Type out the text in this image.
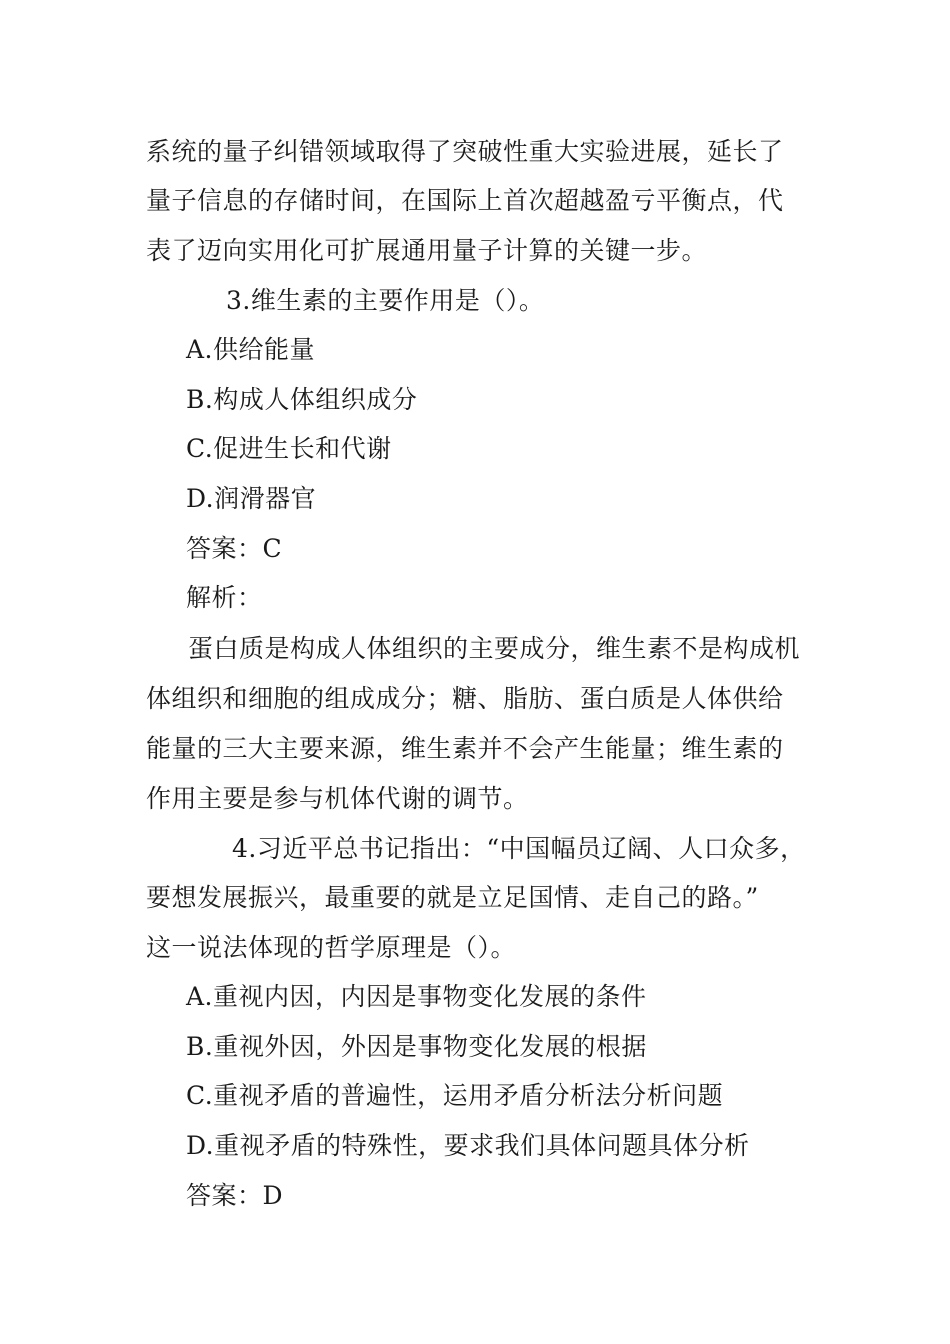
系统的量子纠错领域取得了突破性重大实验进展，延长了
量子信息的存储时间，在国际上首次超越盈亏平衡点，代
表了迈向实用化可扩展通用量子计算的关键一步。
3.维生素的主要作用是（）。
A.供给能量
B.构成人体组织成分
C.促进生长和代谢
D.润滑器官
答案：C
解析：
蛋白质是构成人体组织的主要成分，维生素不是构成机
体组织和细胞的组成成分；糖、脂肪、蛋白质是人体供给
能量的三大主要来源，维生素并不会产生能量；维生素的
作用主要是参与机体代谢的调节。
4.习近平总书记指出：“中国幅员辽阔、人口众多，
要想发展振兴，最重要的就是立足国情、走自己的路。”
这一说法体现的哲学原理是（）。
A.重视内因，内因是事物变化发展的条件
B.重视外因，外因是事物变化发展的根据
C.重视矛盾的普遍性，运用矛盾分析法分析问题
D.重视矛盾的特殊性，要求我们具体问题具体分析
答案：D
